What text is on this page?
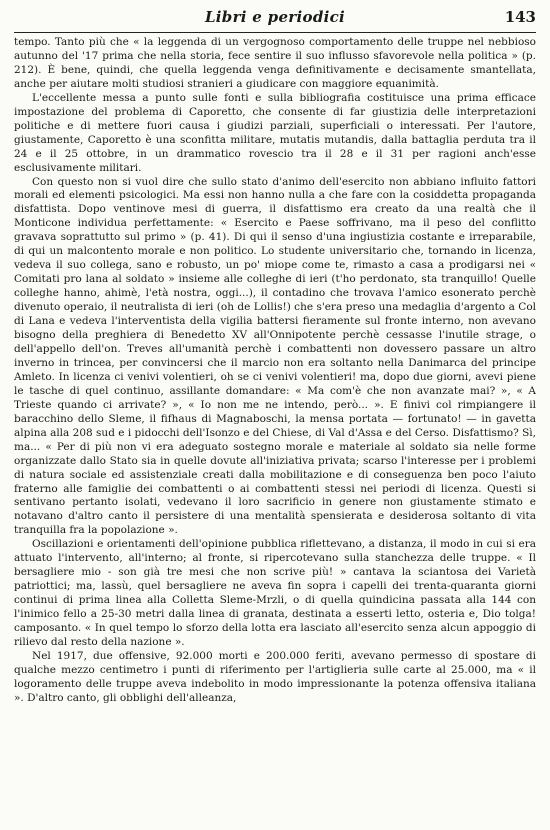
Libri e periodici	143

tempo. Tanto più che « la leggenda di un vergognoso comportamento delle truppe nel nebbioso autunno del '17 prima che nella storia, fece sentire il suo influsso sfavorevole nella politica » (p. 212). È bene, quindi, che quella leggenda venga definitivamente e decisamente smantellata, anche per aiutare molti studiosi stranieri a giudicare con maggiore equanimità.

L'eccellente messa a punto sulle fonti e sulla bibliografia costituisce una prima efficace impostazione del problema di Caporetto, che consente di far giustizia delle interpretazioni politiche e di mettere fuori causa i giudizi parziali, superficiali o interessati. Per l'autore, giustamente, Caporetto è una sconfitta militare, mutatis mutandis, dalla battaglia perduta tra il 24 e il 25 ottobre, in un drammatico rovescio tra il 28 e il 31 per ragioni anch'esse esclusivamente militari.

Con questo non si vuol dire che sullo stato d'animo dell'esercito non abbiano influito fattori morali ed elementi psicologici. Ma essi non hanno nulla a che fare con la cosiddetta propaganda disfattista. Dopo ventinove mesi di guerra, il disfattismo era creato da una realtà che il Monticone individua perfettamente: « Esercito e Paese soffrivano, ma il peso del conflitto gravava soprattutto sul primo » (p. 41). Di qui il senso d'una ingiustizia costante e irreparabile, di qui un malcontento morale e non politico. Lo studente universitario che, tornando in licenza, vedeva il suo collega, sano e robusto, un po' miope come te, rimasto a casa a prodigarsi nei « Comitati pro lana al soldato » insieme alle colleghe di ieri (t'ho perdonato, sta tranquillo! Quelle colleghe hanno, ahimè, l'età nostra, oggi...), il contadino che trovava l'amico esonerato perchè divenuto operaio, il neutralista di ieri (oh de Lollis!) che s'era preso una medaglia d'argento a Col di Lana e vedeva l'interventista della vigilia battersi fieramente sul fronte interno, non avevano bisogno della preghiera di Benedetto XV all'Onnipotente perchè cessasse l'inutile strage, o dell'appello dell'on. Treves all'umanità perchè i combattenti non dovessero passare un altro inverno in trincea, per convincersi che il marcio non era soltanto nella Danimarca del principe Amleto. In licenza ci venivi volentieri, oh se ci venivi volentieri! ma, dopo due giorni, avevi piene le tasche di quel continuo, assillante domandare: « Ma com'è che non avanzate mai? », « A Trieste quando ci arrivate? », « Io non me ne intendo, però... ». E finivi col rimpiangere il baracchino dello Sleme, il fifhaus di Magnaboschi, la mensa portata — fortunato! — in gavetta alpina alla 208 sud e i pidocchi dell'Isonzo e del Chiese, di Val d'Assa e del Cerso. Disfattismo? Sì, ma... « Per di più non vi era adeguato sostegno morale e materiale al soldato sia nelle forme organizzate dallo Stato sia in quelle dovute all'iniziativa privata; scarso l'interesse per i problemi di natura sociale ed assistenziale creati dalla mobilitazione e di conseguenza ben poco l'aiuto fraterno alle famiglie dei combattenti o ai combattenti stessi nei periodi di licenza. Questi si sentivano pertanto isolati, vedevano il loro sacrificio in genere non giustamente stimato e notavano d'altro canto il persistere di una mentalità spensierata e desiderosa soltanto di vita tranquilla fra la popolazione ».

Oscillazioni e orientamenti dell'opinione pubblica riflettevano, a distanza, il modo in cui si era attuato l'intervento, all'interno; al fronte, si ripercotevano sulla stanchezza delle truppe. « Il bersagliere mio - son già tre mesi che non scrive più! » cantava la sciantosa dei Varietà patriottici; ma, lassù, quel bersagliere ne aveva fin sopra i capelli dei trenta-quaranta giorni continui di prima linea alla Colletta Sleme-Mrzli, o di quella quindicina passata alla 144 con l'inimico fello a 25-30 metri dalla linea di granata, destinata a esserti letto, osteria e, Dio tolga! camposanto. « In quel tempo lo sforzo della lotta era lasciato all'esercito senza alcun appoggio di rilievo dal resto della nazione ».

Nel 1917, due offensive, 92.000 morti e 200.000 feriti, avevano permesso di spostare di qualche mezzo centimetro i punti di riferimento per l'artiglieria sulle carte al 25.000, ma « il logoramento delle truppe aveva indebolito in modo impressionante la potenza offensiva italiana ». D'altro canto, gli obblighi dell'alleanza,
